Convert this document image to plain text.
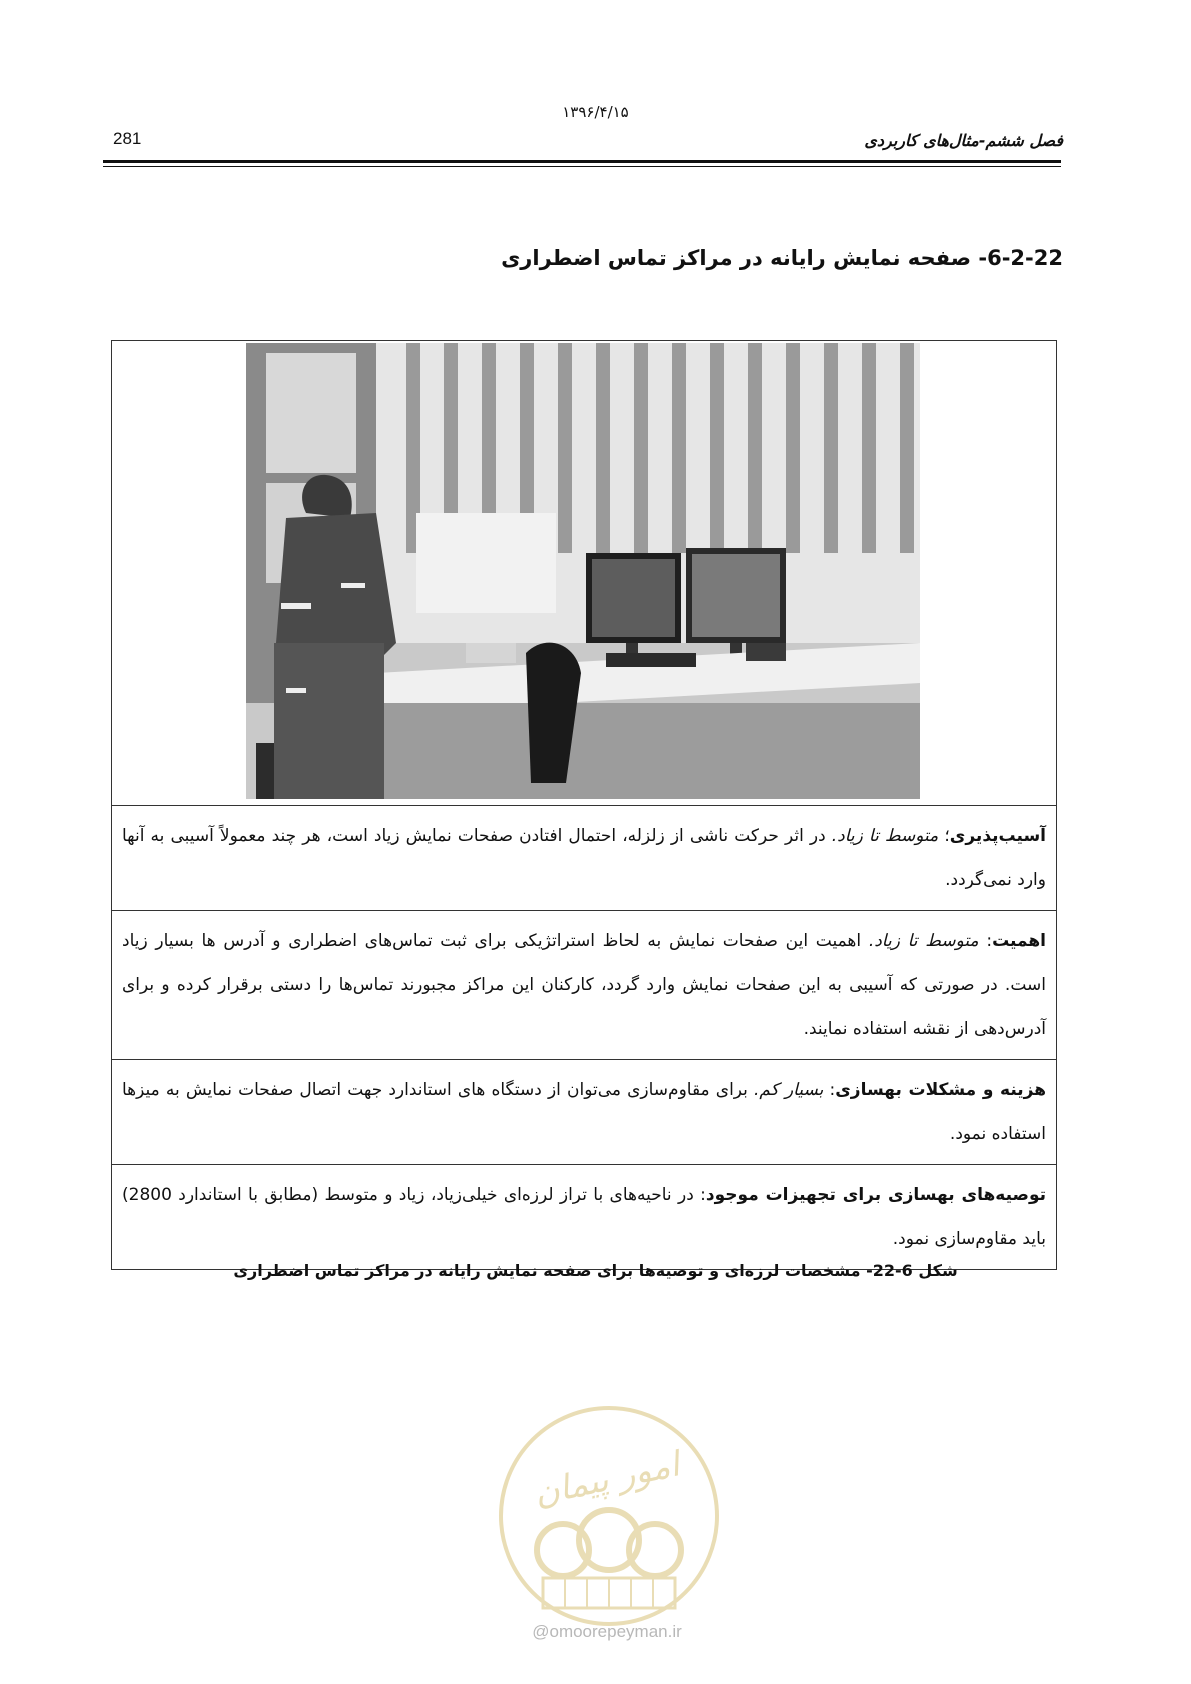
۱۳۹۶/۴/۱۵
281	فصل ششم-مثال‌های کاربردی
6-2-22- صفحه نمایش رایانه در مراکز تماس اضطراری
آسیب‌پذیری؛ متوسط تا زیاد. در اثر حرکت ناشی از زلزله، احتمال افتادن صفحات نمایش زیاد است، هر چند معمولاً آسیبی به آنها وارد نمی‌گردد.
اهمیت: متوسط تا زیاد. اهمیت این صفحات نمایش به لحاظ استراتژیکی برای ثبت تماس‌های اضطراری و آدرس ها بسیار زیاد است. در صورتی که آسیبی به این صفحات نمایش وارد گردد، کارکنان این مراکز مجبورند تماس‌ها را دستی برقرار کرده و برای آدرس‌دهی از نقشه استفاده نمایند.
هزینه و مشکلات بهسازی: بسیار کم. برای مقاوم‌سازی می‌توان از دستگاه های استاندارد جهت اتصال صفحات نمایش به میزها استفاده نمود.
توصیه‌های بهسازی برای تجهیزات موجود: در ناحیه‌های با تراز لرزه‌ای خیلی‌زیاد، زیاد و متوسط (مطابق با استاندارد 2800) باید مقاوم‌سازی نمود.
شکل 6-22- مشخصات لرزه‌ای و توصیه‌ها برای صفحه نمایش رایانه در مراکز تماس اضطراری
امور پیمان
@omoorepeyman.ir
